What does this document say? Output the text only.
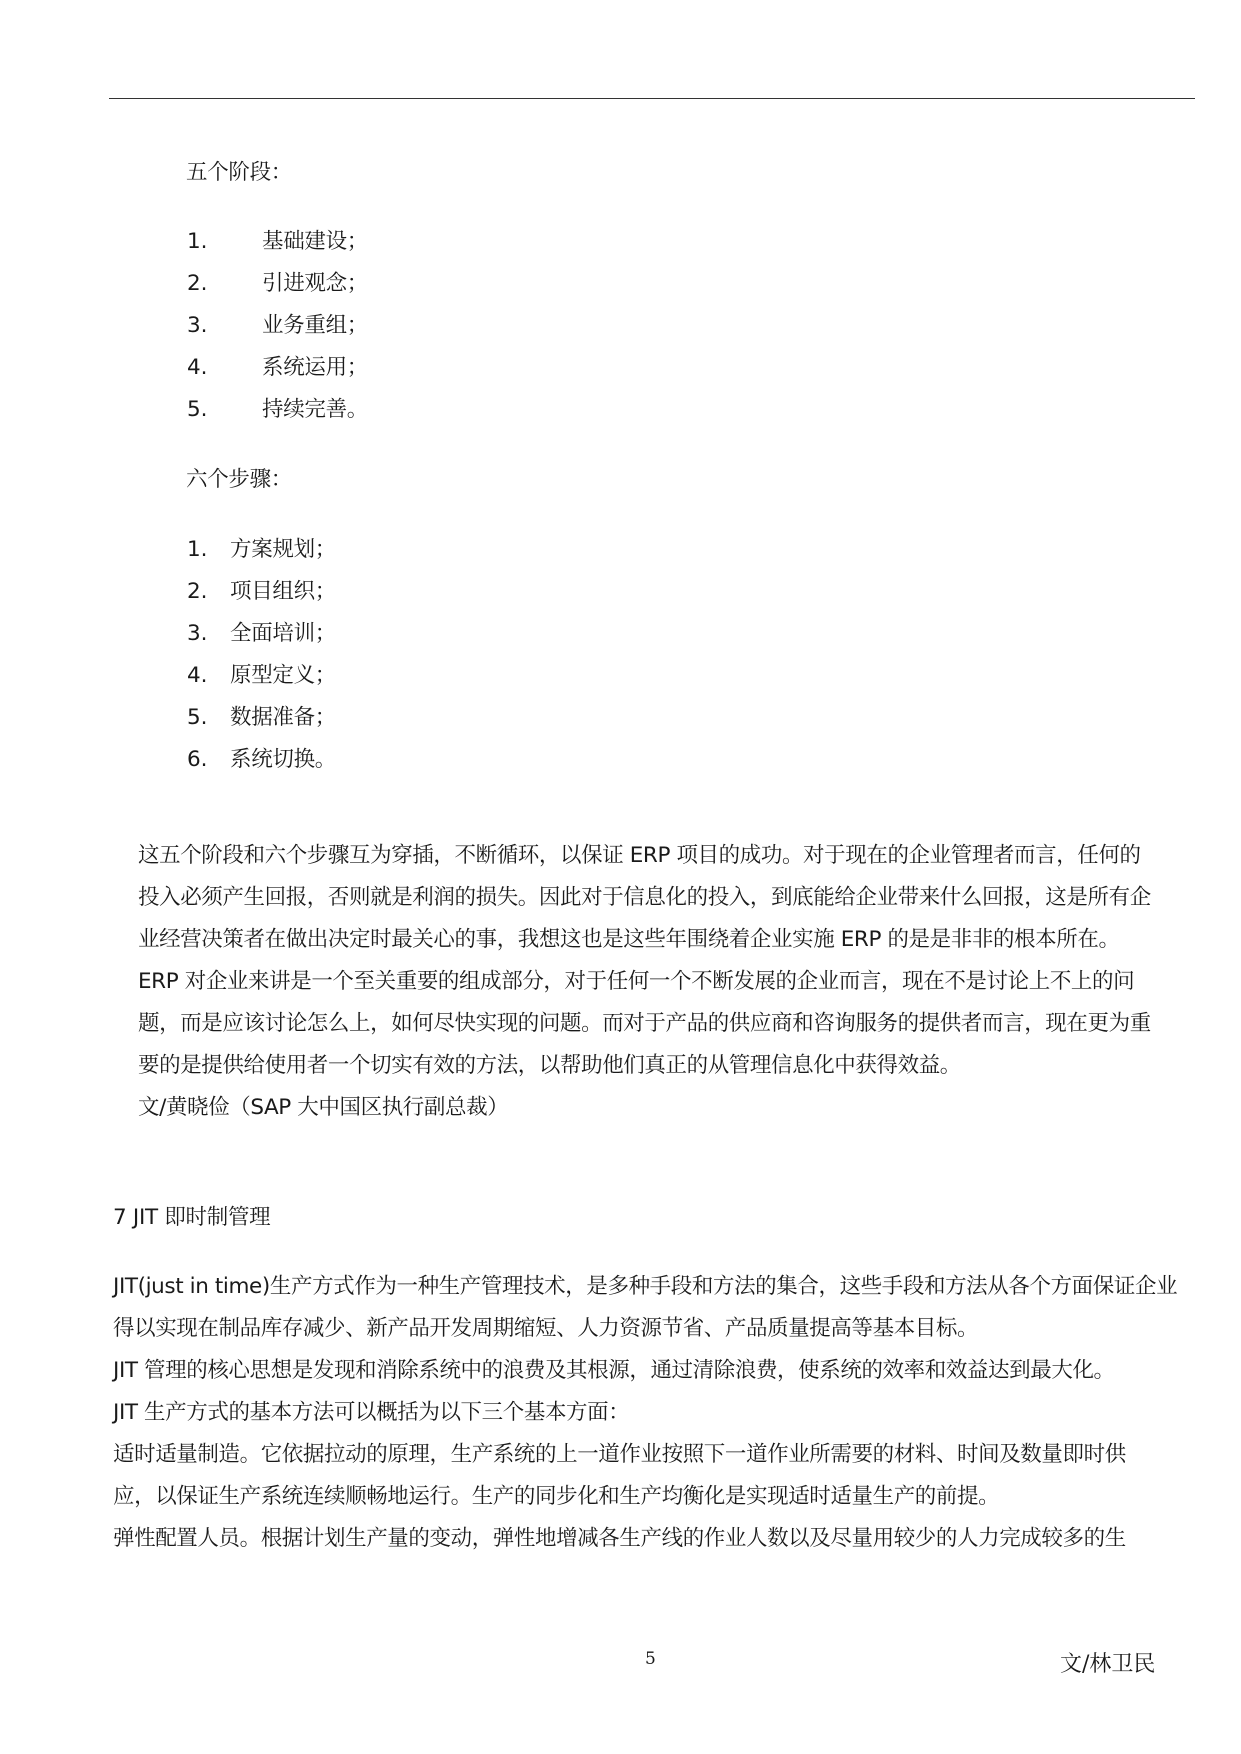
五个阶段：
1.	基础建设；
2.	引进观念；
3.	业务重组；
4.	系统运用；
5.	持续完善。
六个步骤：
1. 方案规划；
2. 项目组织；
3. 全面培训；
4. 原型定义；
5. 数据准备；
6. 系统切换。
这五个阶段和六个步骤互为穿插，不断循环，以保证 ERP 项目的成功。对于现在的企业管理者而言，任何的
投入必须产生回报，否则就是利润的损失。因此对于信息化的投入，到底能给企业带来什么回报，这是所有企
业经营决策者在做出决定时最关心的事，我想这也是这些年围绕着企业实施 ERP 的是是非非的根本所在。
ERP 对企业来讲是一个至关重要的组成部分，对于任何一个不断发展的企业而言，现在不是讨论上不上的问
题，而是应该讨论怎么上，如何尽快实现的问题。而对于产品的供应商和咨询服务的提供者而言，现在更为重
要的是提供给使用者一个切实有效的方法，以帮助他们真正的从管理信息化中获得效益。
文/黄晓俭（SAP 大中国区执行副总裁）
7 JIT 即时制管理
JIT(just in time)生产方式作为一种生产管理技术，是多种手段和方法的集合，这些手段和方法从各个方面保证企业
得以实现在制品库存减少、新产品开发周期缩短、人力资源节省、产品质量提高等基本目标。
JIT 管理的核心思想是发现和消除系统中的浪费及其根源，通过清除浪费，使系统的效率和效益达到最大化。
JIT 生产方式的基本方法可以概括为以下三个基本方面：
适时适量制造。它依据拉动的原理，生产系统的上一道作业按照下一道作业所需要的材料、时间及数量即时供
应，以保证生产系统连续顺畅地运行。生产的同步化和生产均衡化是实现适时适量生产的前提。
弹性配置人员。根据计划生产量的变动，弹性地增减各生产线的作业人数以及尽量用较少的人力完成较多的生
5	文/林卫民
